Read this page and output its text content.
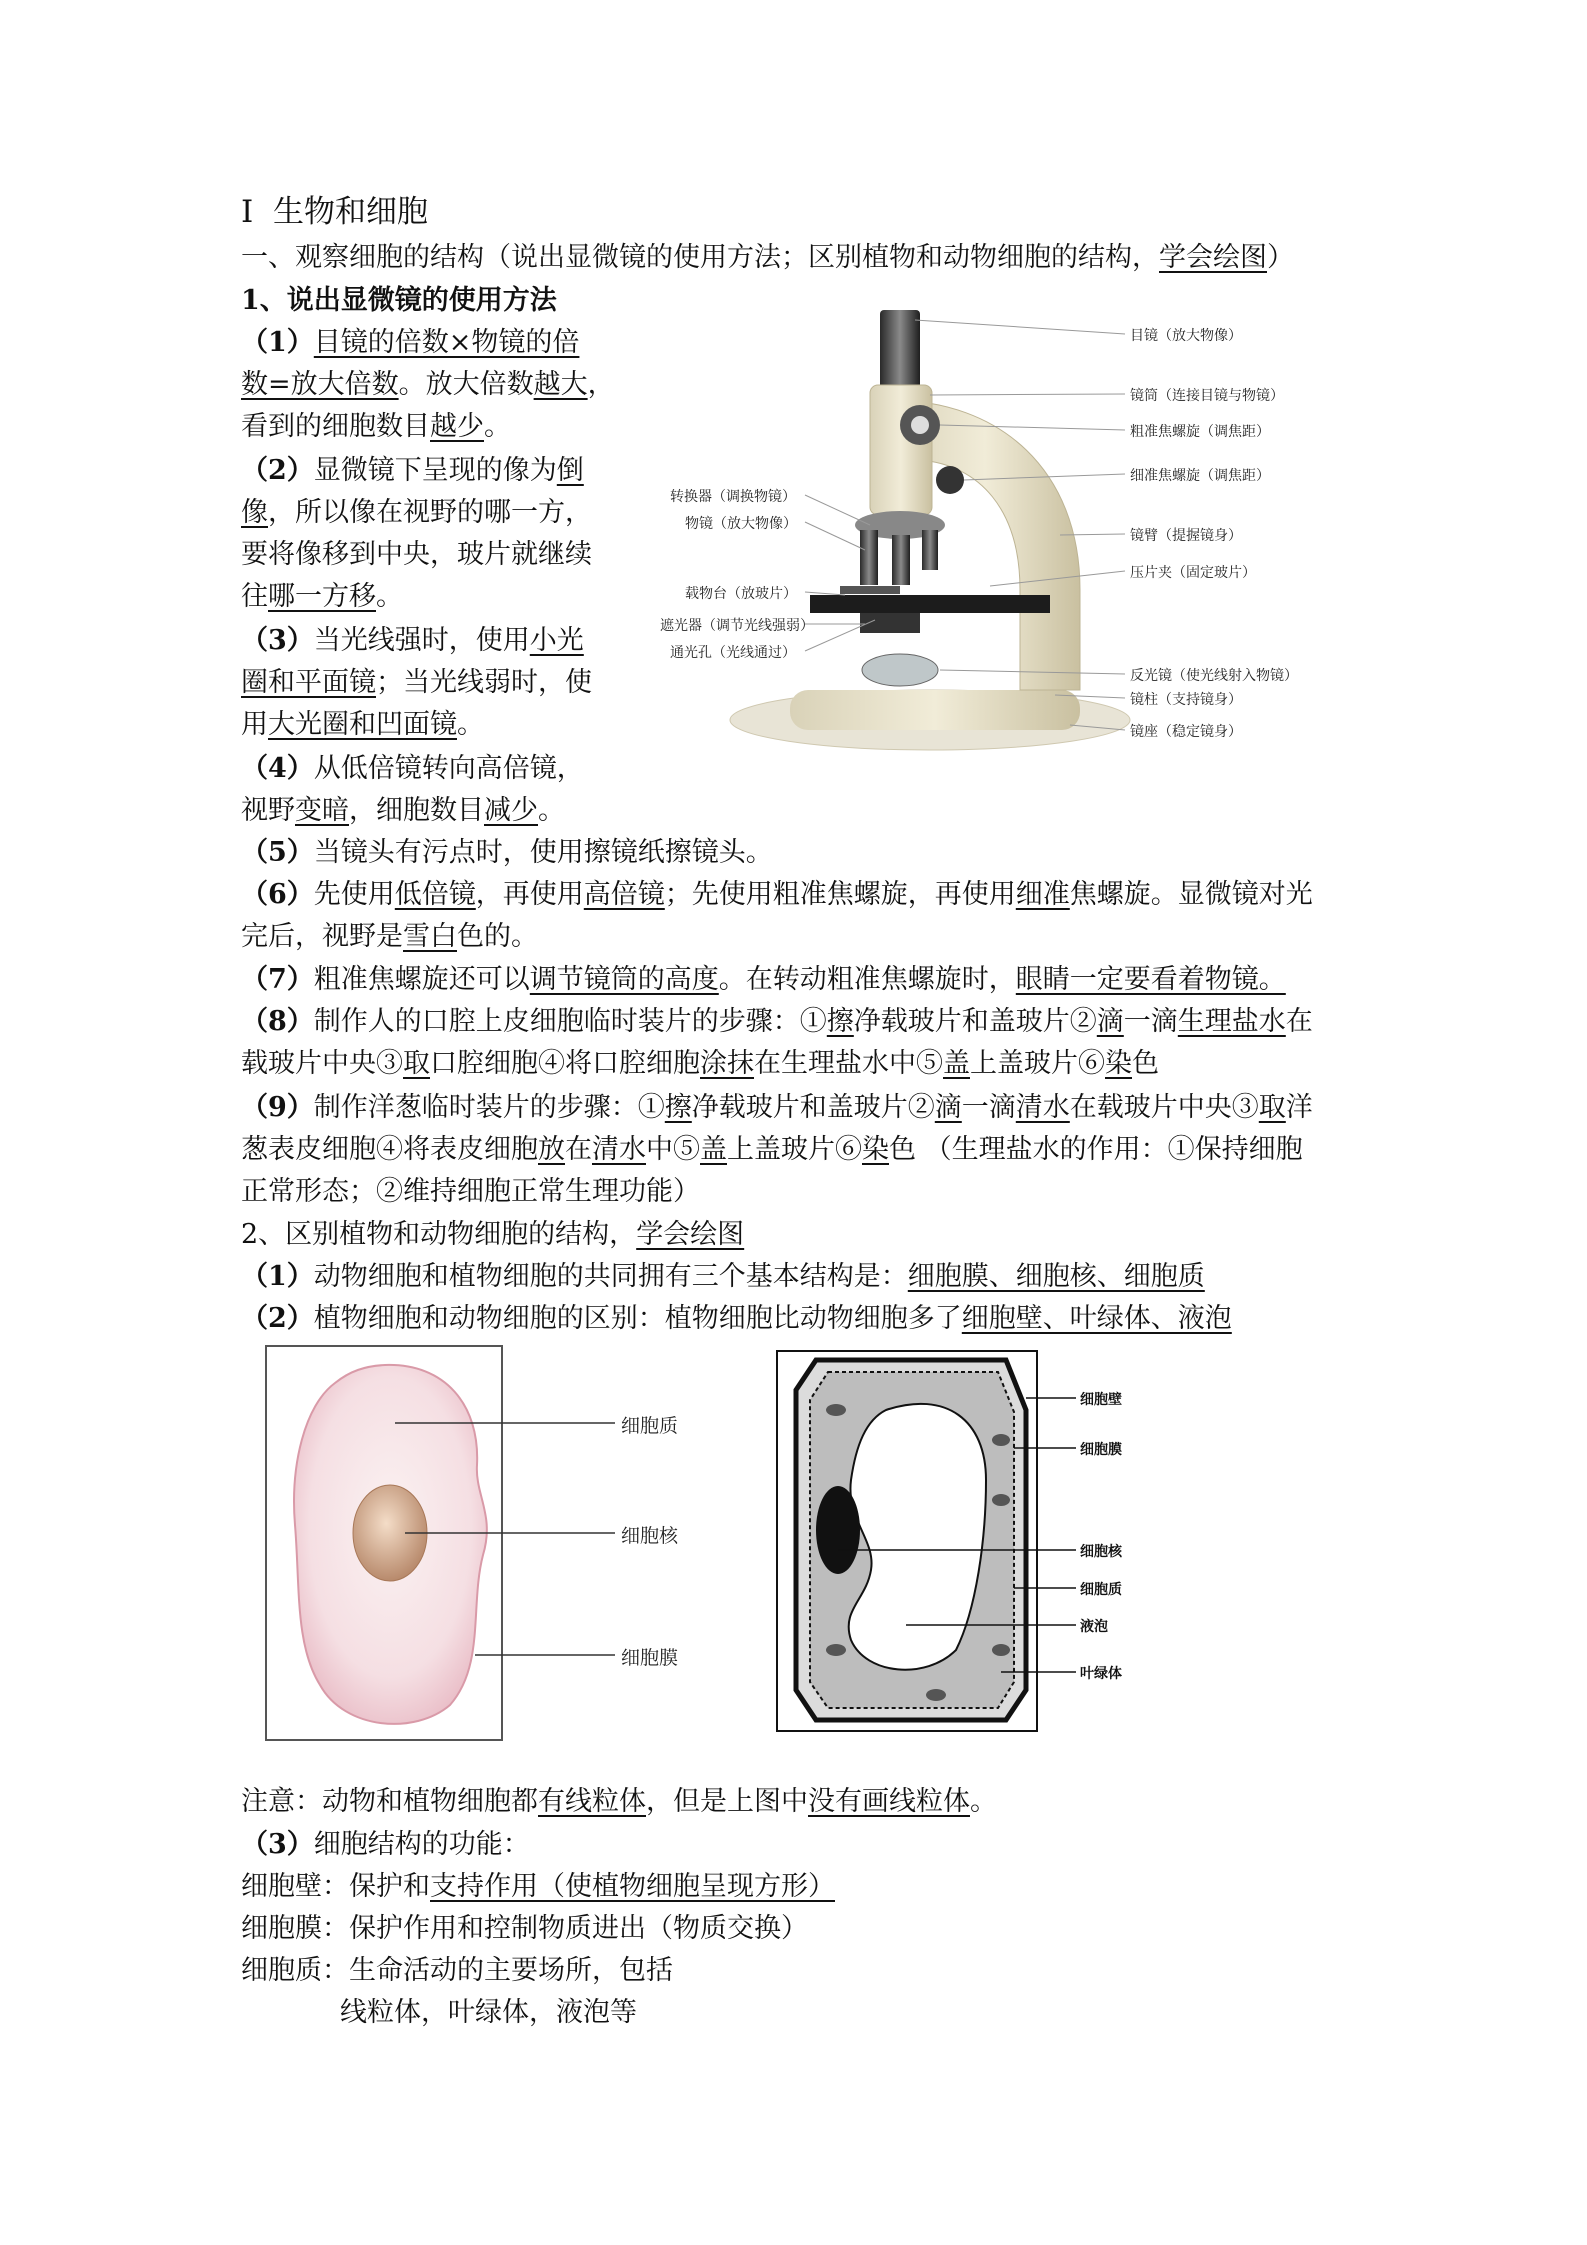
Ⅰ 生物和细胞
一、观察细胞的结构（说出显微镜的使用方法；区别植物和动物细胞的结构，学会绘图）
1、说出显微镜的使用方法
（1）目镜的倍数×物镜的倍
数=放大倍数。放大倍数越大，
看到的细胞数目越少。
（2）显微镜下呈现的像为倒
像，所以像在视野的哪一方，
要将像移到中央，玻片就继续
往哪一方移。
（3）当光线强时，使用小光
圈和平面镜；当光线弱时，使
用大光圈和凹面镜。
（4）从低倍镜转向高倍镜，
视野变暗，细胞数目减少。
（5）当镜头有污点时，使用擦镜纸擦镜头。
（6）先使用低倍镜，再使用高倍镜；先使用粗准焦螺旋，再使用细准焦螺旋。显微镜对光
完后，视野是雪白色的。
（7）粗准焦螺旋还可以调节镜筒的高度。在转动粗准焦螺旋时，眼睛一定要看着物镜。
（8）制作人的口腔上皮细胞临时装片的步骤：①擦净载玻片和盖玻片②滴一滴生理盐水在
载玻片中央③取口腔细胞④将口腔细胞涂抹在生理盐水中⑤盖上盖玻片⑥染色
（9）制作洋葱临时装片的步骤：①擦净载玻片和盖玻片②滴一滴清水在载玻片中央③取洋
葱表皮细胞④将表皮细胞放在清水中⑤盖上盖玻片⑥染色 （生理盐水的作用：①保持细胞
正常形态；②维持细胞正常生理功能）
2、区别植物和动物细胞的结构，学会绘图
（1）动物细胞和植物细胞的共同拥有三个基本结构是：细胞膜、细胞核、细胞质
（2）植物细胞和动物细胞的区别：植物细胞比动物细胞多了细胞壁、叶绿体、液泡
目镜（放大物像）
镜筒（连接目镜与物镜）
粗准焦螺旋（调焦距）
细准焦螺旋（调焦距）
镜臂（提握镜身）
压片夹（固定玻片）
反光镜（使光线射入物镜）
镜柱（支持镜身）
镜座（稳定镜身）
转换器（调换物镜）
物镜（放大物像）
载物台（放玻片）
遮光器（调节光线强弱）
通光孔（光线通过）
细胞质
细胞核
细胞膜
细胞壁
细胞膜
细胞核
细胞质
液泡
叶绿体
注意：动物和植物细胞都有线粒体，但是上图中没有画线粒体。
（3）细胞结构的功能：
细胞壁：保护和支持作用（使植物细胞呈现方形）
细胞膜：保护作用和控制物质进出（物质交换）
细胞质：生命活动的主要场所，包括
线粒体，叶绿体，液泡等
